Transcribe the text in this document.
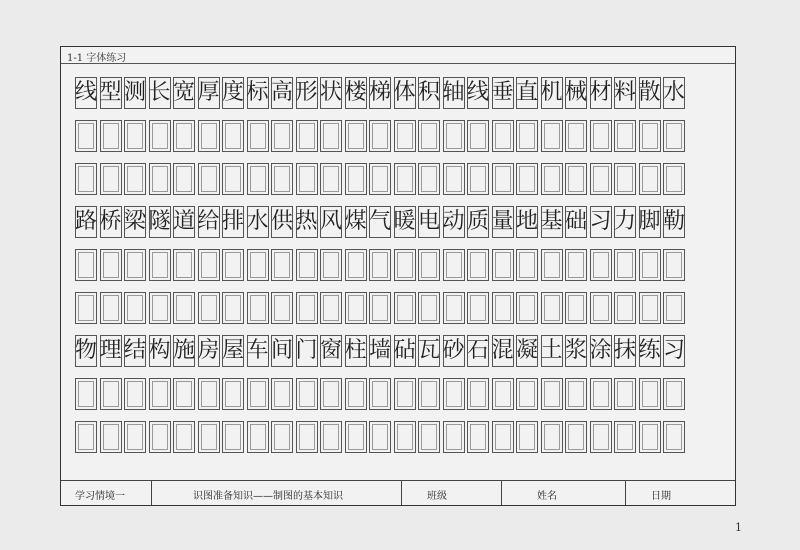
1-1 字体练习
线 型 测 长 宽 厚 度 标 高 形 状 楼 梯 体 积 轴 线 垂 直 机 械 材 料 散 水
路 桥 梁 隧 道 给 排 水 供 热 风 煤 气 暖 电 动 质 量 地 基 础 习 力 脚 勒
物 理 结 构 施 房 屋 车 间 门 窗 柱 墙 砧 瓦 砂 石 混 凝 土 浆 涂 抹 练 习
学习情境一	识图准备知识——制图的基本知识	班级	姓名	日期
1
